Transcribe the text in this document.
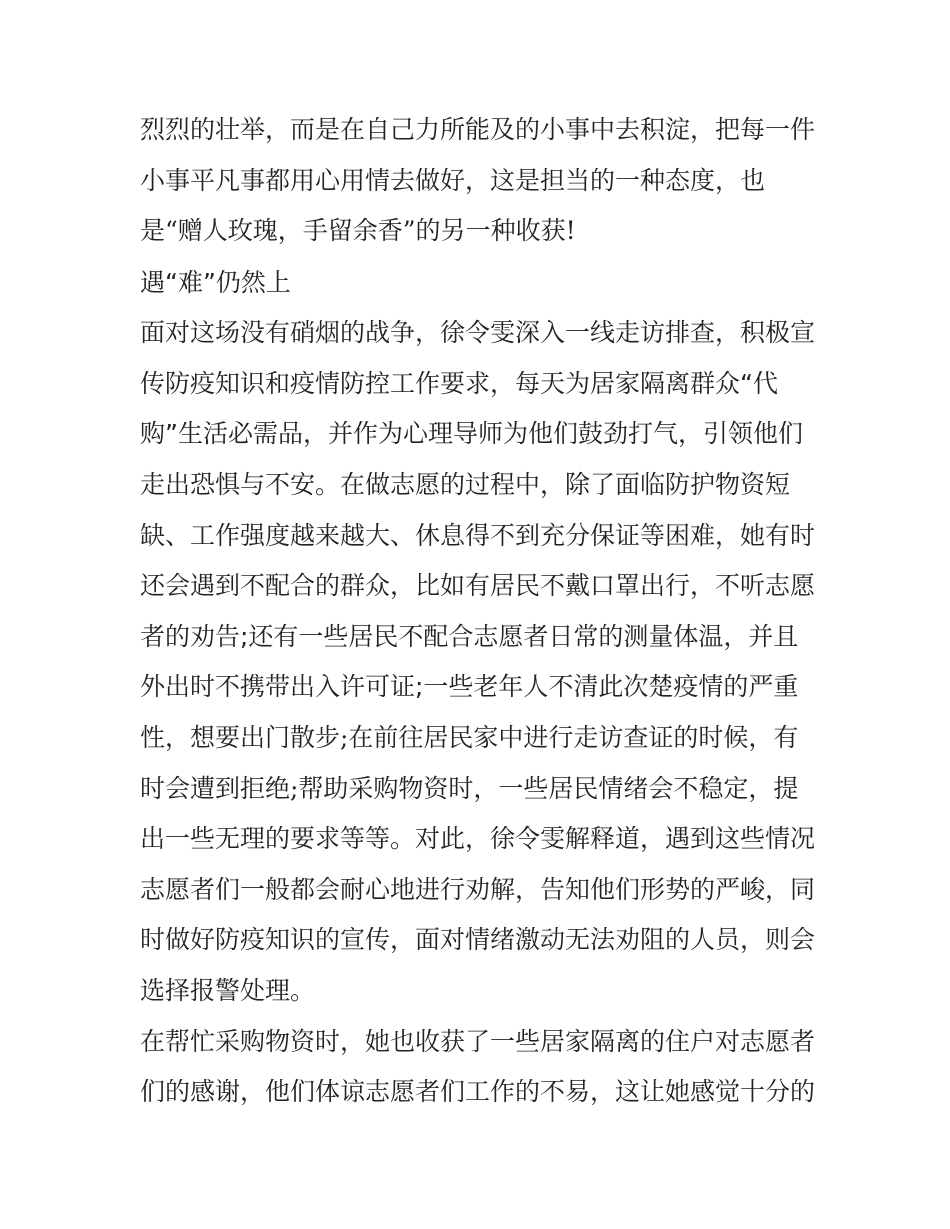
烈烈的壮举，而是在自己力所能及的小事中去积淀，把每一件
小事平凡事都用心用情去做好，这是担当的一种态度，也
是“赠人玫瑰，手留余香”的另一种收获!
遇“难”仍然上
面对这场没有硝烟的战争，徐令雯深入一线走访排查，积极宣
传防疫知识和疫情防控工作要求，每天为居家隔离群众“代
购”生活必需品，并作为心理导师为他们鼓劲打气，引领他们
走出恐惧与不安。在做志愿的过程中，除了面临防护物资短
缺、工作强度越来越大、休息得不到充分保证等困难，她有时
还会遇到不配合的群众，比如有居民不戴口罩出行，不听志愿
者的劝告;还有一些居民不配合志愿者日常的测量体温，并且
外出时不携带出入许可证;一些老年人不清此次楚疫情的严重
性，想要出门散步;在前往居民家中进行走访查证的时候，有
时会遭到拒绝;帮助采购物资时，一些居民情绪会不稳定，提
出一些无理的要求等等。对此，徐令雯解释道，遇到这些情况
志愿者们一般都会耐心地进行劝解，告知他们形势的严峻，同
时做好防疫知识的宣传，面对情绪激动无法劝阻的人员，则会
选择报警处理。
在帮忙采购物资时，她也收获了一些居家隔离的住户对志愿者
们的感谢，他们体谅志愿者们工作的不易，这让她感觉十分的
